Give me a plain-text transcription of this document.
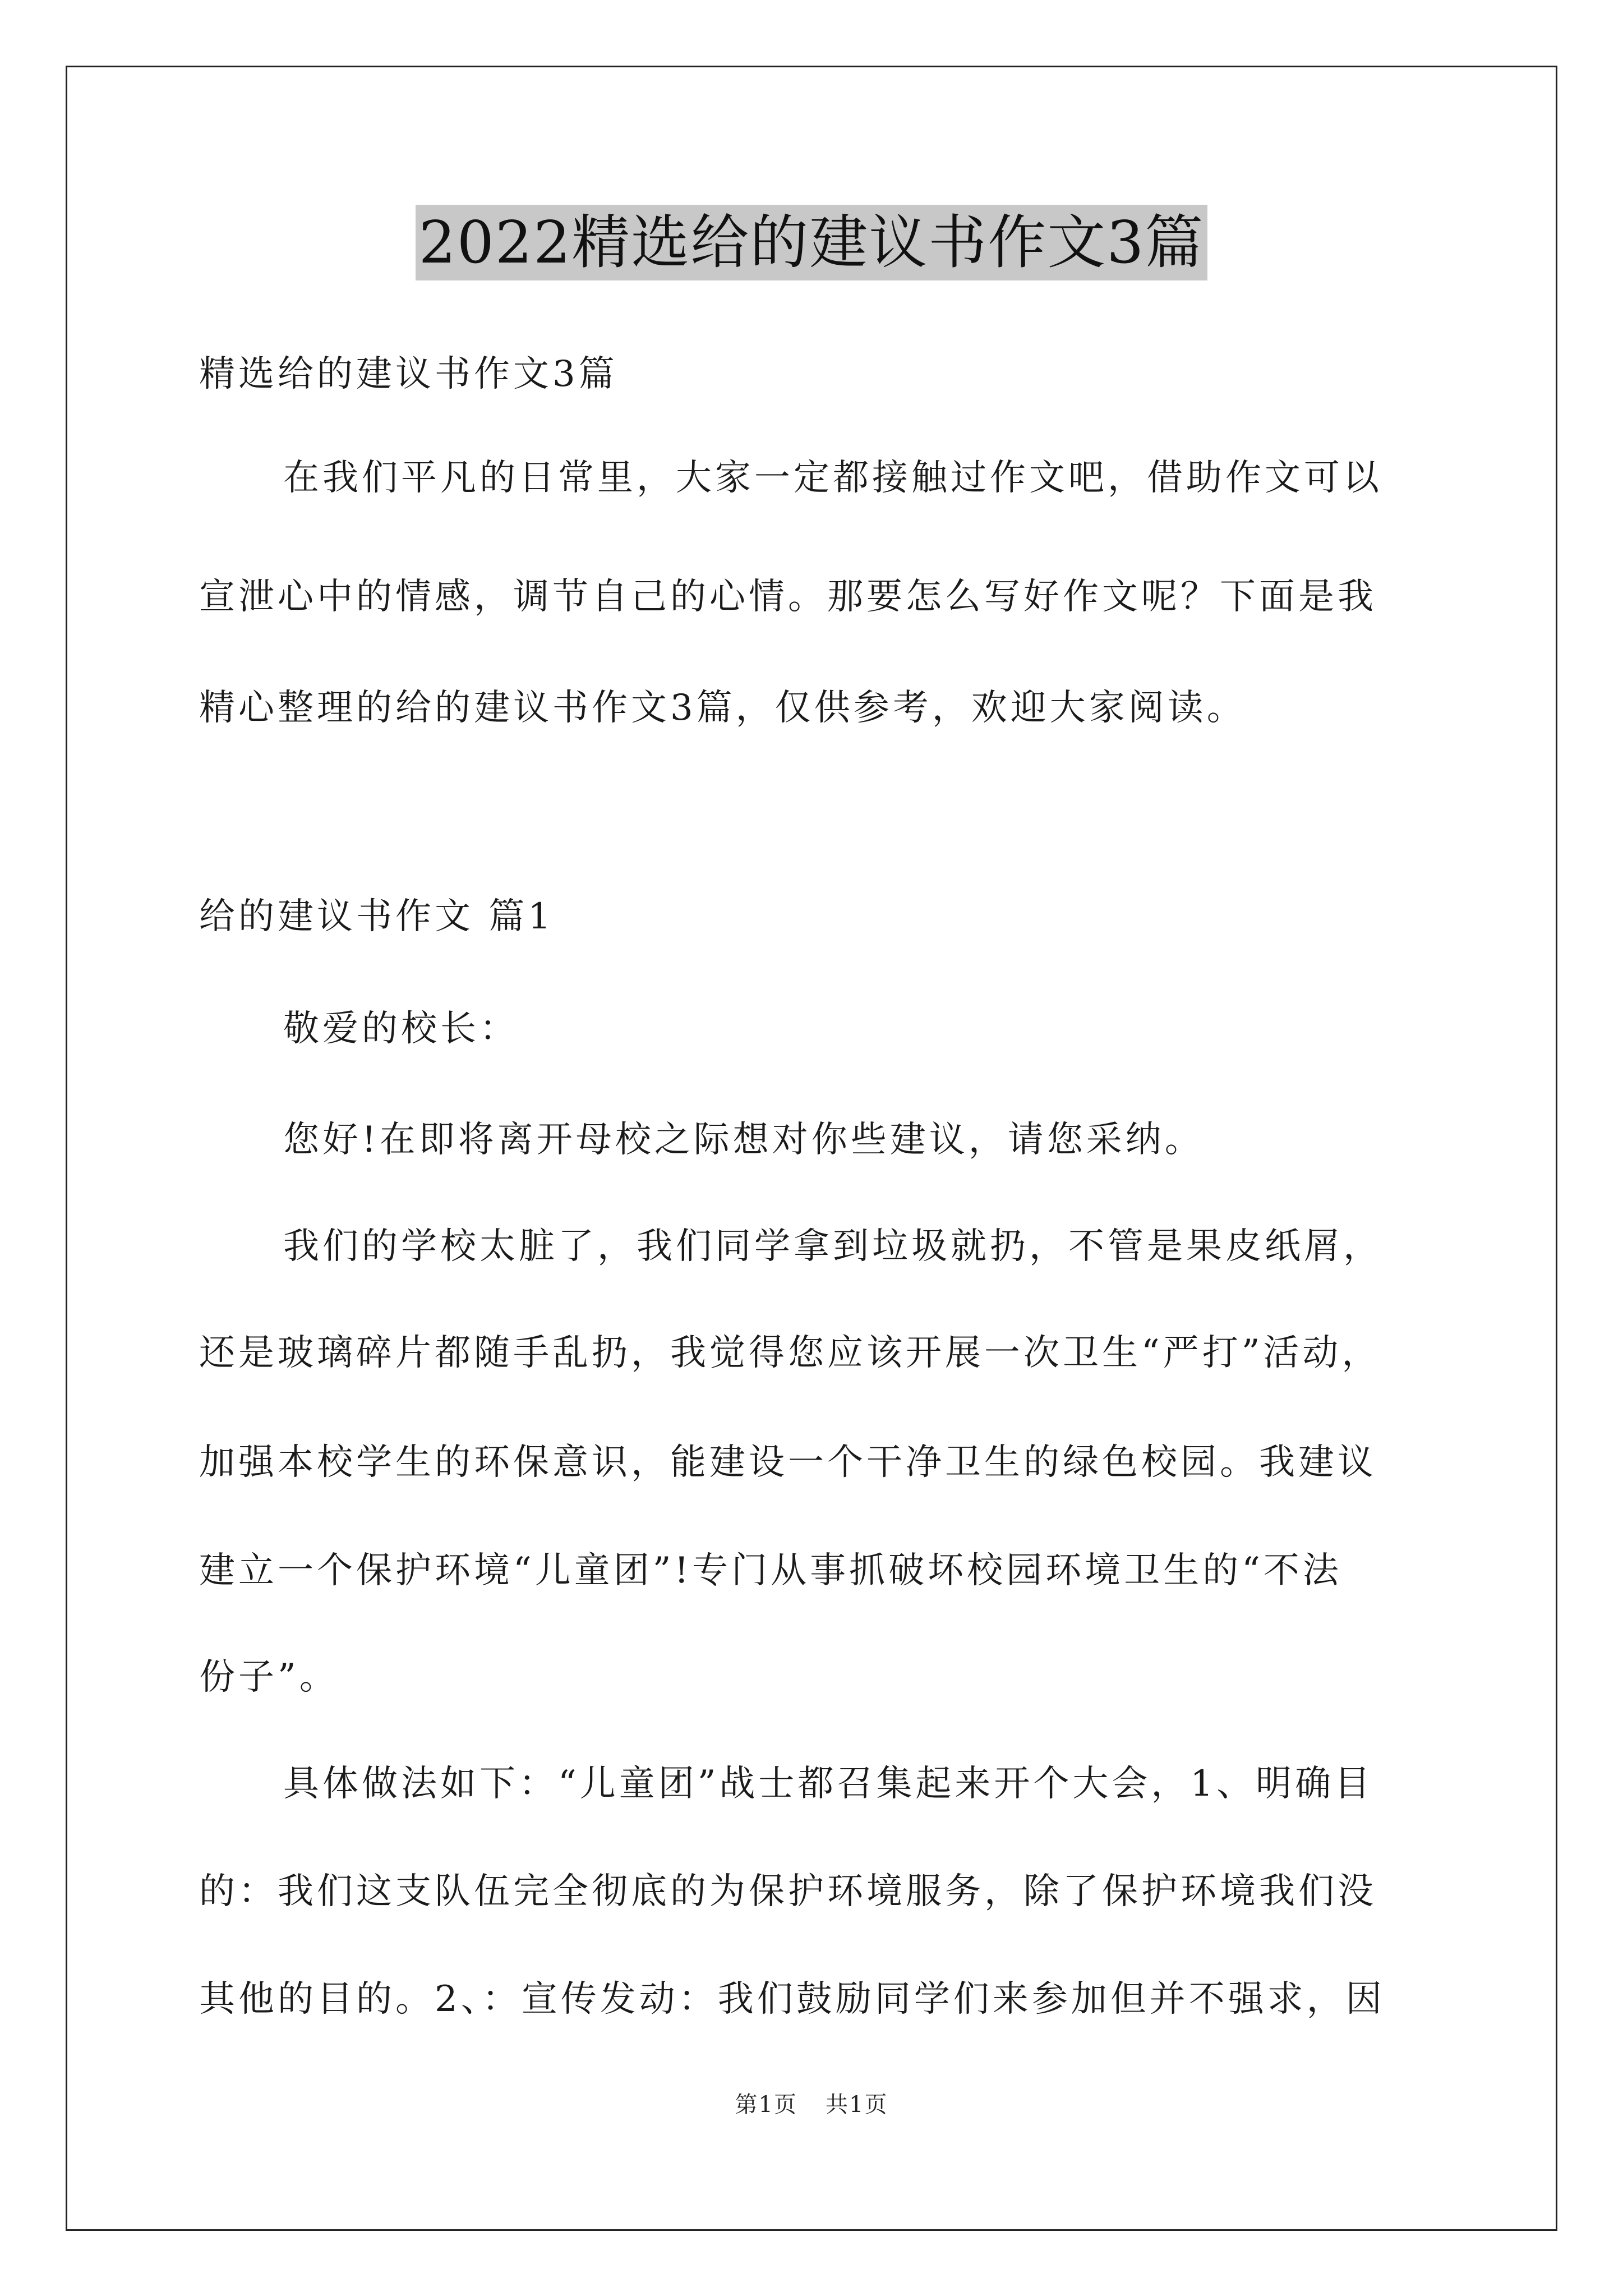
2022精选给的建议书作文3篇
精选给的建议书作文3篇
在我们平凡的日常里，大家一定都接触过作文吧，借助作文可以
宣泄心中的情感，调节自己的心情。那要怎么写好作文呢？下面是我
精心整理的给的建议书作文3篇，仅供参考，欢迎大家阅读。
给的建议书作文 篇1
敬爱的校长：
您好!在即将离开母校之际想对你些建议，请您采纳。
我们的学校太脏了，我们同学拿到垃圾就扔，不管是果皮纸屑，
还是玻璃碎片都随手乱扔，我觉得您应该开展一次卫生“严打”活动，
加强本校学生的环保意识，能建设一个干净卫生的绿色校园。我建议
建立一个保护环境“儿童团”!专门从事抓破坏校园环境卫生的“不法
份子”。
具体做法如下：“儿童团”战士都召集起来开个大会，1、明确目
的：我们这支队伍完全彻底的为保护环境服务，除了保护环境我们没
其他的目的。2、：宣传发动：我们鼓励同学们来参加但并不强求，因
第1页 共1页
